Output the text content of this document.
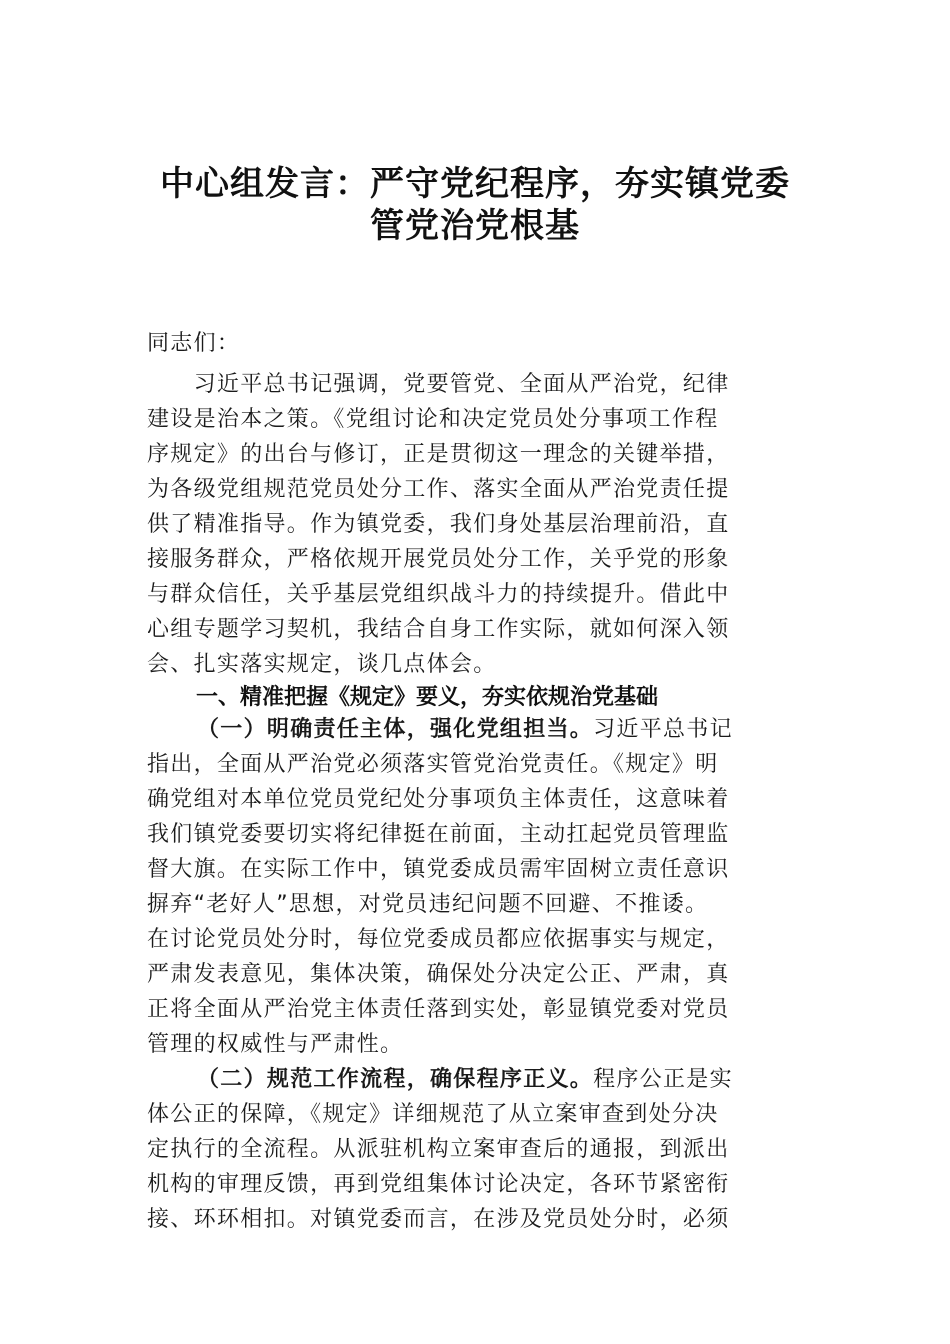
中心组发言：严守党纪程序，夯实镇党委
管党治党根基
同志们：
　　习近平总书记强调，党要管党、全面从严治党，纪律
建设是治本之策。《党组讨论和决定党员处分事项工作程
序规定》的出台与修订，正是贯彻这一理念的关键举措，
为各级党组规范党员处分工作、落实全面从严治党责任提
供了精准指导。作为镇党委，我们身处基层治理前沿，直
接服务群众，严格依规开展党员处分工作，关乎党的形象
与群众信任，关乎基层党组织战斗力的持续提升。借此中
心组专题学习契机，我结合自身工作实际，就如何深入领
会、扎实落实规定，谈几点体会。
一、精准把握《规定》要义，夯实依规治党基础
（一）明确责任主体，强化党组担当。习近平总书记
指出，全面从严治党必须落实管党治党责任。《规定》明
确党组对本单位党员党纪处分事项负主体责任，这意味着
我们镇党委要切实将纪律挺在前面，主动扛起党员管理监
督大旗。在实际工作中，镇党委成员需牢固树立责任意识
摒弃“老好人”思想，对党员违纪问题不回避、不推诿。
在讨论党员处分时，每位党委成员都应依据事实与规定，
严肃发表意见，集体决策，确保处分决定公正、严肃，真
正将全面从严治党主体责任落到实处，彰显镇党委对党员
管理的权威性与严肃性。
（二）规范工作流程，确保程序正义。程序公正是实
体公正的保障，《规定》详细规范了从立案审查到处分决
定执行的全流程。从派驻机构立案审查后的通报，到派出
机构的审理反馈，再到党组集体讨论决定，各环节紧密衔
接、环环相扣。对镇党委而言，在涉及党员处分时，必须
